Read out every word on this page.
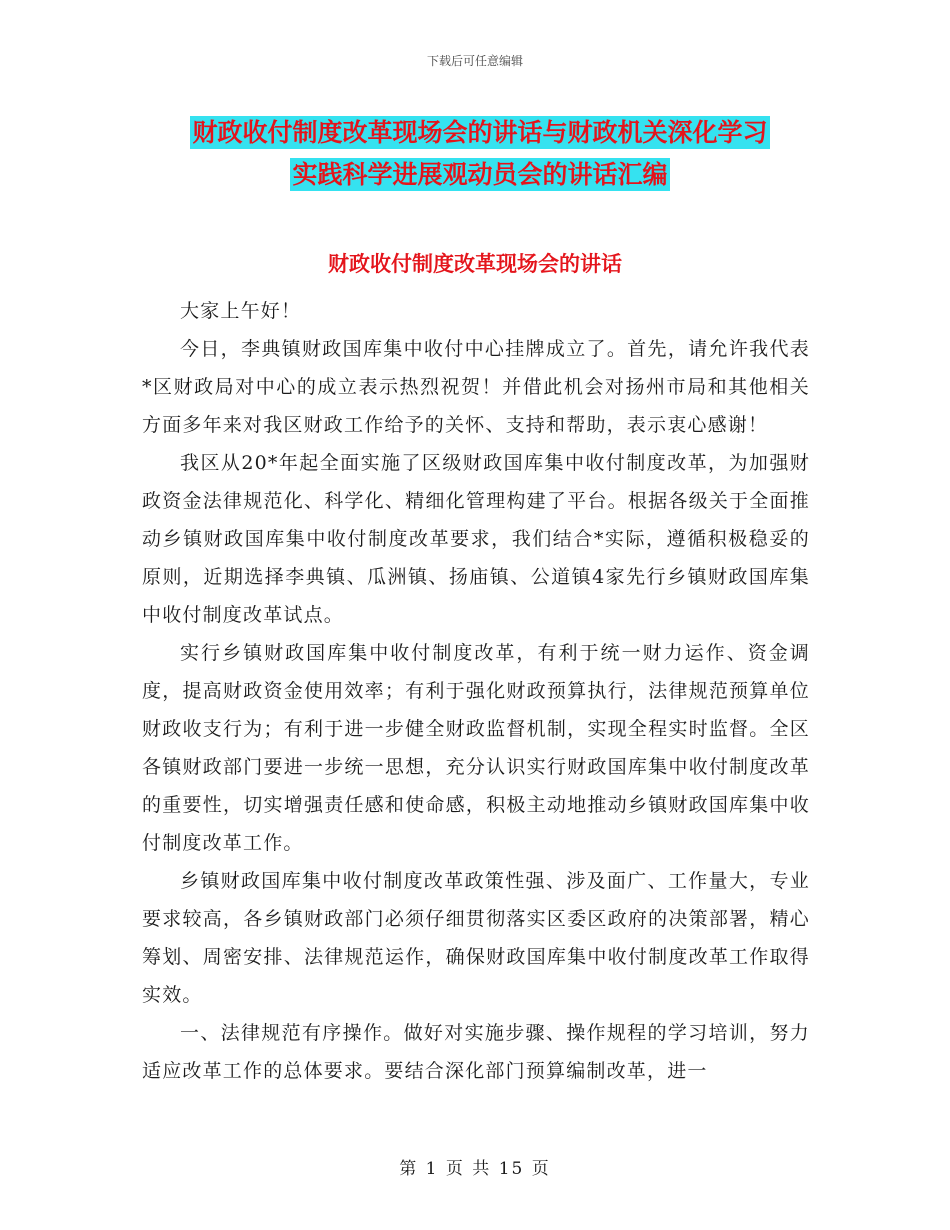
下载后可任意编辑
财政收付制度改革现场会的讲话与财政机关深化学习
实践科学进展观动员会的讲话汇编
财政收付制度改革现场会的讲话

大家上午好！

今日，李典镇财政国库集中收付中心挂牌成立了。首先，请允许我代表*区财政局对中心的成立表示热烈祝贺！并借此机会对扬州市局和其他相关方面多年来对我区财政工作给予的关怀、支持和帮助，表示衷心感谢！

我区从20*年起全面实施了区级财政国库集中收付制度改革，为加强财政资金法律规范化、科学化、精细化管理构建了平台。根据各级关于全面推动乡镇财政国库集中收付制度改革要求，我们结合*实际，遵循积极稳妥的原则，近期选择李典镇、瓜洲镇、扬庙镇、公道镇4家先行乡镇财政国库集中收付制度改革试点。

实行乡镇财政国库集中收付制度改革，有利于统一财力运作、资金调度，提高财政资金使用效率；有利于强化财政预算执行，法律规范预算单位财政收支行为；有利于进一步健全财政监督机制，实现全程实时监督。全区各镇财政部门要进一步统一思想，充分认识实行财政国库集中收付制度改革的重要性，切实增强责任感和使命感，积极主动地推动乡镇财政国库集中收付制度改革工作。

乡镇财政国库集中收付制度改革政策性强、涉及面广、工作量大，专业要求较高，各乡镇财政部门必须仔细贯彻落实区委区政府的决策部署，精心筹划、周密安排、法律规范运作，确保财政国库集中收付制度改革工作取得实效。

一、法律规范有序操作。做好对实施步骤、操作规程的学习培训，努力适应改革工作的总体要求。要结合深化部门预算编制改革，进一

第 1 页 共 15 页
